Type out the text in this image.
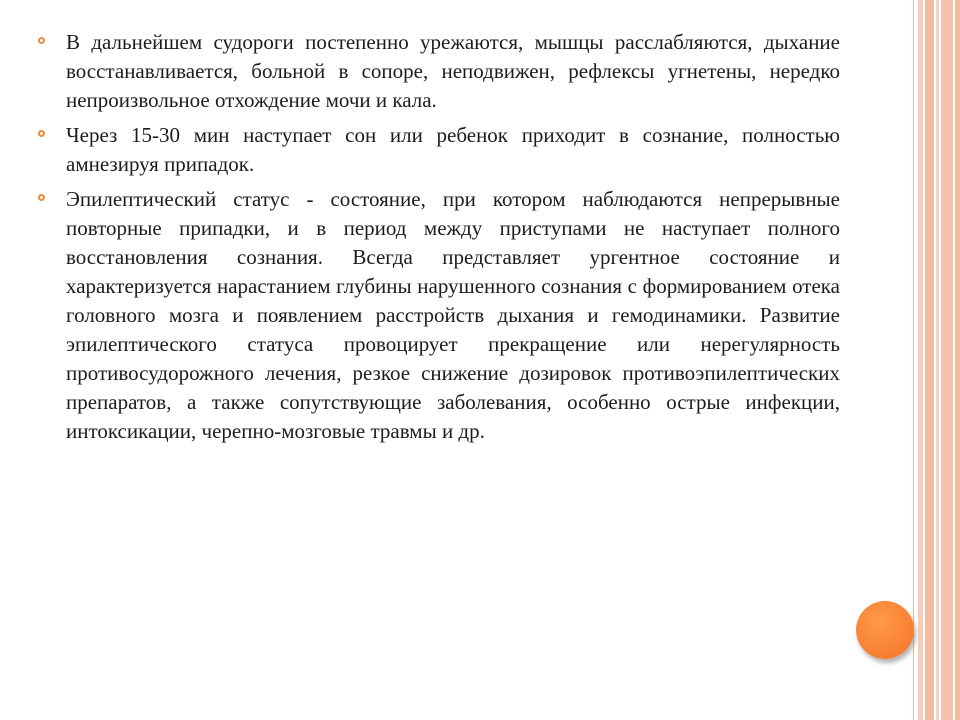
В дальнейшем судороги постепенно урежаются, мышцы расслабляются, дыхание восстанавливается, больной в сопоре, неподвижен, рефлексы угнетены, нередко непроизвольное отхождение мочи и кала.
Через 15-30 мин наступает сон или ребенок приходит в сознание, полностью амнезируя припадок.
Эпилептический статус - состояние, при котором наблюдаются непрерывные повторные припадки, и в период между приступами не наступает полного восстановления сознания. Всегда представляет ургентное состояние и характеризуется нарастанием глубины нарушенного сознания с формированием отека головного мозга и появлением расстройств дыхания и гемодинамики. Развитие эпилептического статуса провоцирует прекращение или нерегулярность противосудорожного лечения, резкое снижение дозировок противоэпилептических препаратов, а также сопутствующие заболевания, особенно острые инфекции, интоксикации, черепно-мозговые травмы и др.
